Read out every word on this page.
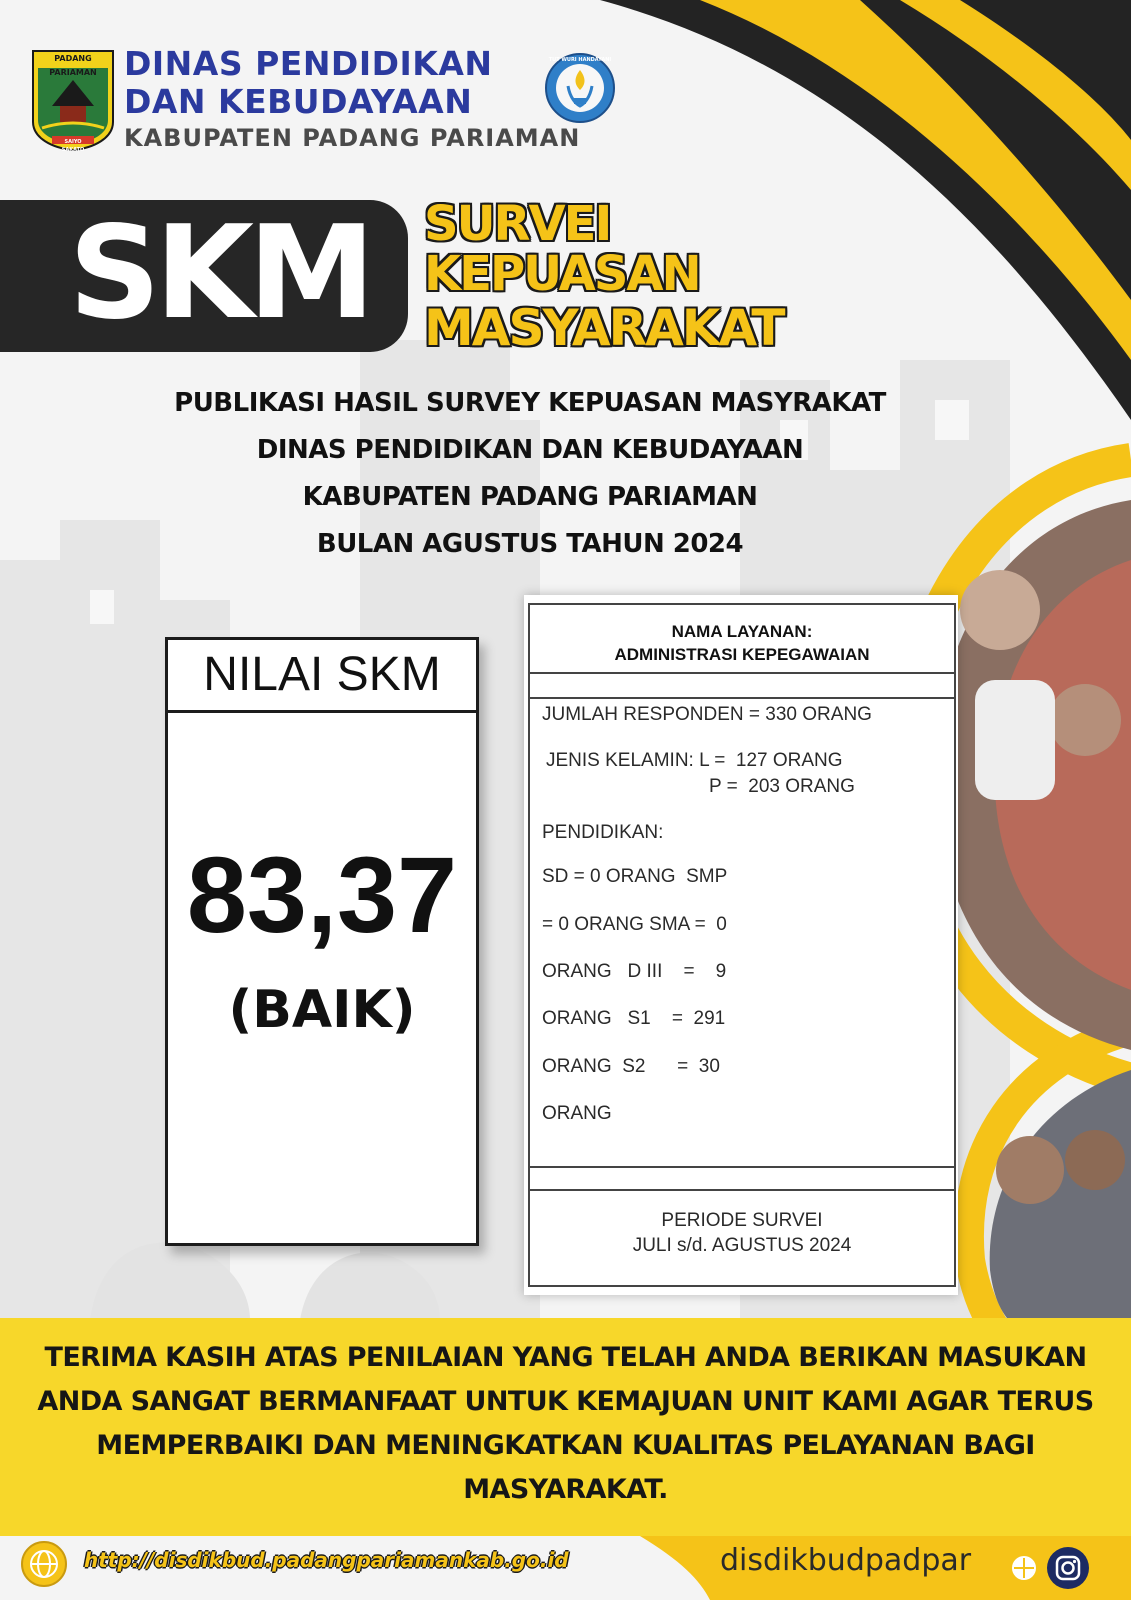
PADANG PARIAMAN
SAIYO SAKATO
DINAS PENDIDIKAN
DAN KEBUDAYAAN
KABUPATEN PADANG PARIAMAN
TUT WURI HANDAYANI
SKM	SURVEI
KEPUASAN
MASYARAKAT
PUBLIKASI HASIL SURVEY KEPUASAN MASYRAKAT
DINAS PENDIDIKAN DAN KEBUDAYAAN
KABUPATEN PADANG PARIAMAN
BULAN AGUSTUS TAHUN 2024
NILAI SKM
83,37
(BAIK)
NAMA LAYANAN:
ADMINISTRASI KEPEGAWAIAN
JUMLAH RESPONDEN = 330 ORANG
JENIS KELAMIN: L =  127 ORANG
P =  203 ORANG
PENDIDIKAN:
SD = 0 ORANG  SMP
= 0 ORANG SMA =  0
ORANG   D III    =    9
ORANG   S1    =  291
ORANG  S2      =  30
ORANG
PERIODE SURVEI
JULI s/d. AGUSTUS 2024
TERIMA KASIH ATAS PENILAIAN YANG TELAH ANDA BERIKAN MASUKAN
ANDA SANGAT BERMANFAAT UNTUK KEMAJUAN UNIT KAMI AGAR TERUS
MEMPERBAIKI DAN MENINGKATKAN KUALITAS PELAYANAN BAGI
MASYARAKAT.
http://disdikbud.padangpariamankab.go.id	disdikbudpadpar
